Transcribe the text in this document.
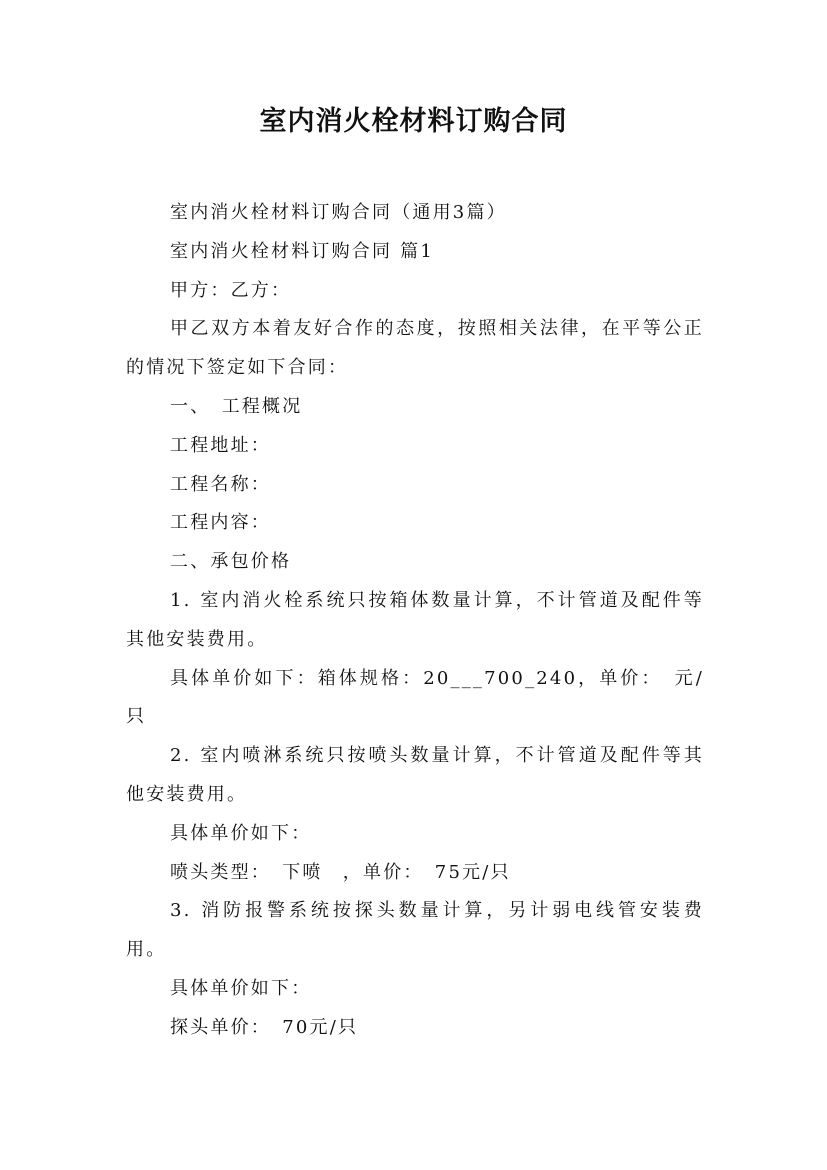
室内消火栓材料订购合同

室内消火栓材料订购合同（通用3篇）

室内消火栓材料订购合同 篇1

甲方：乙方：

甲乙双方本着友好合作的态度，按照相关法律，在平等公正的情况下签定如下合同：

一、　工程概况

工程地址：

工程名称：

工程内容：

二、承包价格

1. 室内消火栓系统只按箱体数量计算，不计管道及配件等其他安装费用。

具体单价如下：箱体规格：20___700_240，单价：　元/只

2. 室内喷淋系统只按喷头数量计算，不计管道及配件等其他安装费用。

具体单价如下：

喷头类型：　下喷　，单价：　75元/只

3. 消防报警系统按探头数量计算，另计弱电线管安装费用。

具体单价如下：

探头单价：　70元/只
